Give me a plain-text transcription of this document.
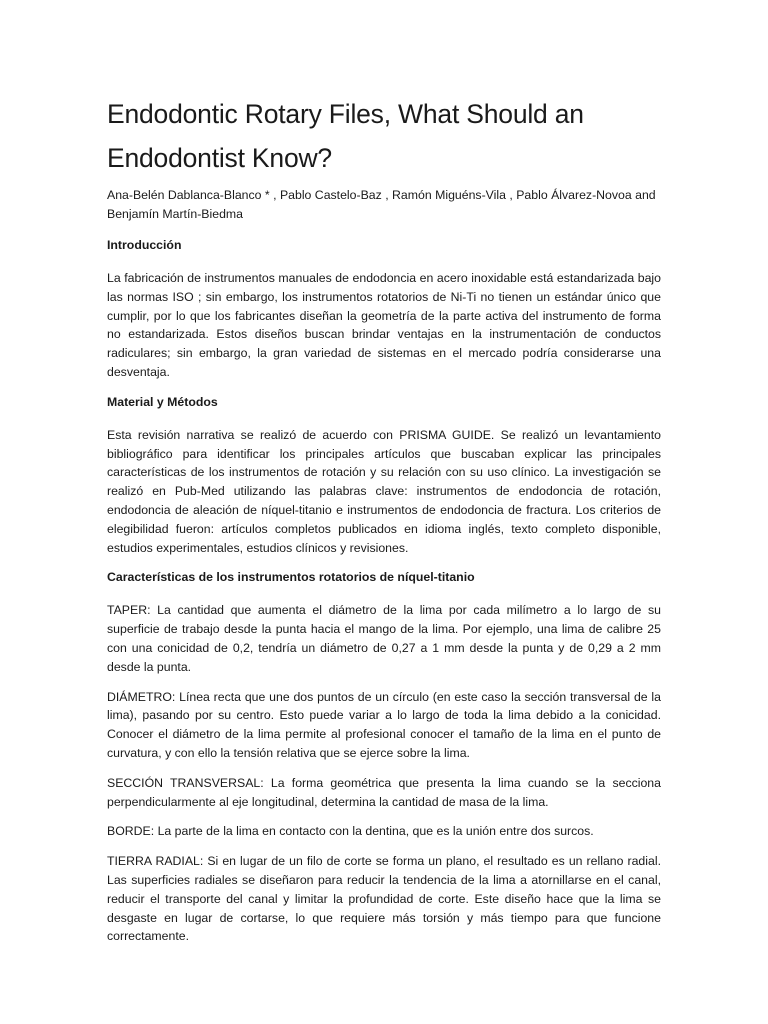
Endodontic Rotary Files, What Should an Endodontist Know?

Ana-Belén Dablanca-Blanco * , Pablo Castelo-Baz , Ramón Miguéns-Vila , Pablo Álvarez-Novoa and Benjamín Martín-Biedma

Introducción

La fabricación de instrumentos manuales de endodoncia en acero inoxidable está estandarizada bajo las normas ISO ; sin embargo, los instrumentos rotatorios de Ni-Ti no tienen un estándar único que cumplir, por lo que los fabricantes diseñan la geometría de la parte activa del instrumento de forma no estandarizada. Estos diseños buscan brindar ventajas en la instrumentación de conductos radiculares; sin embargo, la gran variedad de sistemas en el mercado podría considerarse una desventaja.

Material y Métodos

Esta revisión narrativa se realizó de acuerdo con PRISMA GUIDE. Se realizó un levantamiento bibliográfico para identificar los principales artículos que buscaban explicar las principales características de los instrumentos de rotación y su relación con su uso clínico. La investigación se realizó en Pub-Med utilizando las palabras clave: instrumentos de endodoncia de rotación, endodoncia de aleación de níquel-titanio e instrumentos de endodoncia de fractura. Los criterios de elegibilidad fueron: artículos completos publicados en idioma inglés, texto completo disponible, estudios experimentales, estudios clínicos y revisiones.

Características de los instrumentos rotatorios de níquel-titanio

TAPER: La cantidad que aumenta el diámetro de la lima por cada milímetro a lo largo de su superficie de trabajo desde la punta hacia el mango de la lima. Por ejemplo, una lima de calibre 25 con una conicidad de 0,2, tendría un diámetro de 0,27 a 1 mm desde la punta y de 0,29 a 2 mm desde la punta.

DIÁMETRO: Línea recta que une dos puntos de un círculo (en este caso la sección transversal de la lima), pasando por su centro. Esto puede variar a lo largo de toda la lima debido a la conicidad. Conocer el diámetro de la lima permite al profesional conocer el tamaño de la lima en el punto de curvatura, y con ello la tensión relativa que se ejerce sobre la lima.

SECCIÓN TRANSVERSAL: La forma geométrica que presenta la lima cuando se la secciona perpendicularmente al eje longitudinal, determina la cantidad de masa de la lima.

BORDE: La parte de la lima en contacto con la dentina, que es la unión entre dos surcos.

TIERRA RADIAL: Si en lugar de un filo de corte se forma un plano, el resultado es un rellano radial. Las superficies radiales se diseñaron para reducir la tendencia de la lima a atornillarse en el canal, reducir el transporte del canal y limitar la profundidad de corte. Este diseño hace que la lima se desgaste en lugar de cortarse, lo que requiere más torsión y más tiempo para que funcione correctamente.
